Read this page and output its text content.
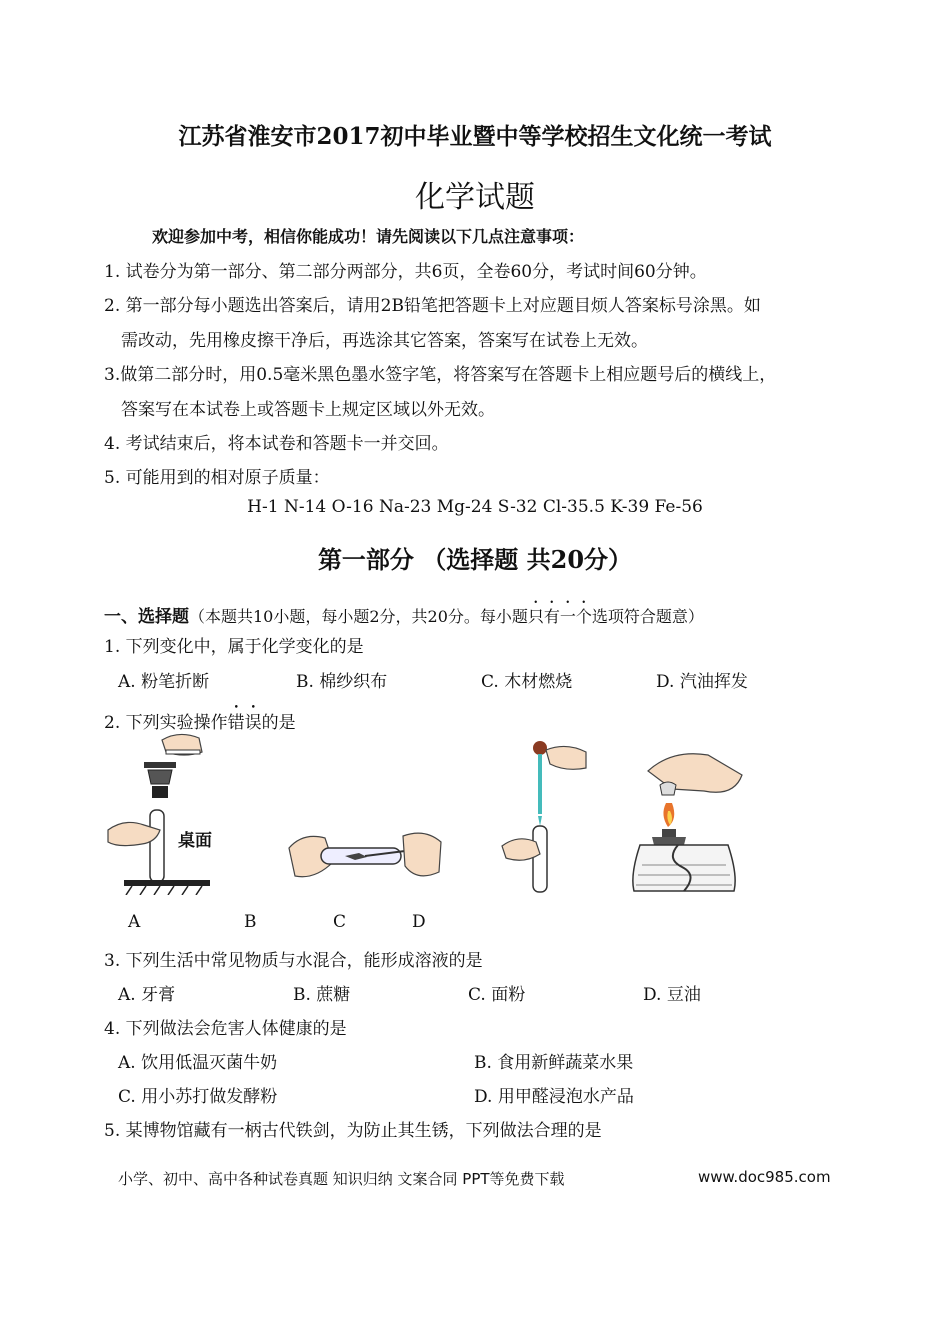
江苏省淮安市2017初中毕业暨中等学校招生文化统一考试
化学试题
欢迎参加中考，相信你能成功！请先阅读以下几点注意事项：
1. 试卷分为第一部分、第二部分两部分，共6页，全卷60分，考试时间60分钟。
2. 第一部分每小题选出答案后，请用2B铅笔把答题卡上对应题目烦人答案标号涂黑。如
需改动，先用橡皮擦干净后，再选涂其它答案，答案写在试卷上无效。
3.做第二部分时，用0.5毫米黑色墨水签字笔，将答案写在答题卡上相应题号后的横线上，
答案写在本试卷上或答题卡上规定区域以外无效。
4. 考试结束后，将本试卷和答题卡一并交回。
5. 可能用到的相对原子质量：
H-1 N-14 O-16 Na-23 Mg-24 S-32 Cl-35.5 K-39 Fe-56
第一部分 （选择题 共20分）
一、选择题（本题共10小题，每小题2分，共20分。每小题只有一个选项符合题意）
1. 下列变化中，属于化学变化的是
A. 粉笔折断	B. 棉纱织布	C. 木材燃烧	D. 汽油挥发
2. 下列实验操作错误的是
桌面
A	B	C	D
3. 下列生活中常见物质与水混合，能形成溶液的是
A. 牙膏	B. 蔗糖	C. 面粉	D. 豆油
4. 下列做法会危害人体健康的是
A. 饮用低温灭菌牛奶	B. 食用新鲜蔬菜水果
C. 用小苏打做发酵粉	D. 用甲醛浸泡水产品
5. 某博物馆藏有一柄古代铁剑，为防止其生锈，下列做法合理的是
小学、初中、高中各种试卷真题 知识归纳 文案合同 PPT等免费下载	www.doc985.com
